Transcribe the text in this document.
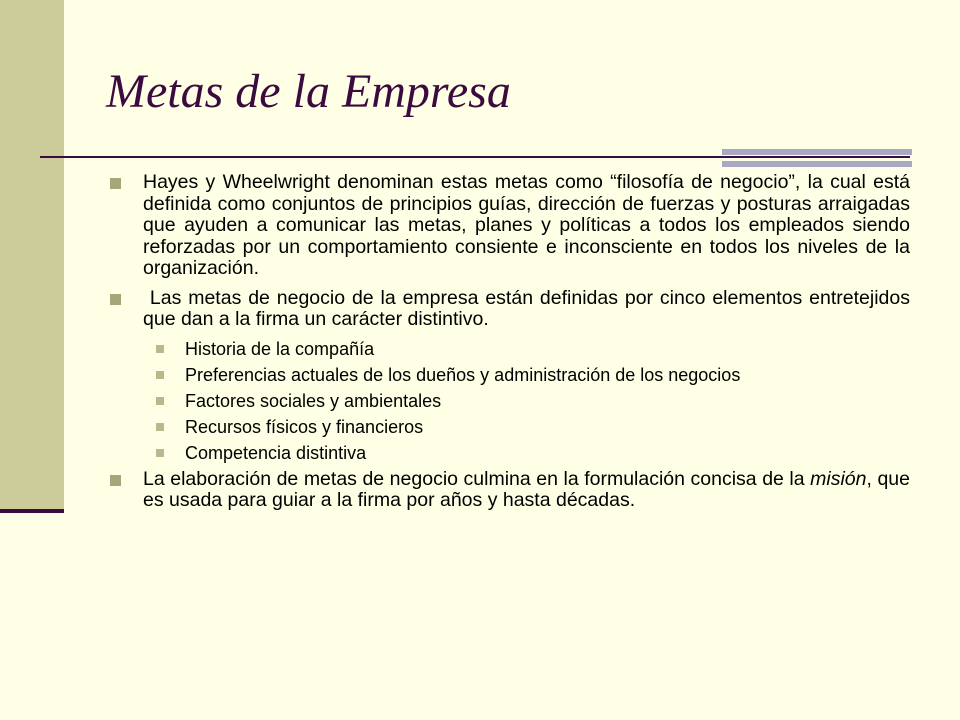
Metas de la Empresa
Hayes y Wheelwright denominan estas metas como “filosofía de negocio”, la cual está definida como conjuntos de principios guías, dirección de fuerzas y posturas arraigadas que ayuden a comunicar las metas, planes y políticas a todos los empleados siendo reforzadas por un comportamiento consiente e inconsciente en todos los niveles de la organización.
Las metas de negocio de la empresa están definidas por cinco elementos entretejidos que dan a la firma un carácter distintivo.
Historia de la compañía
Preferencias actuales de los dueños y administración de los negocios
Factores sociales y ambientales
Recursos físicos y financieros
Competencia distintiva
La elaboración de metas de negocio culmina en la formulación concisa de la misión, que es usada para guiar a la firma por años y hasta décadas.
